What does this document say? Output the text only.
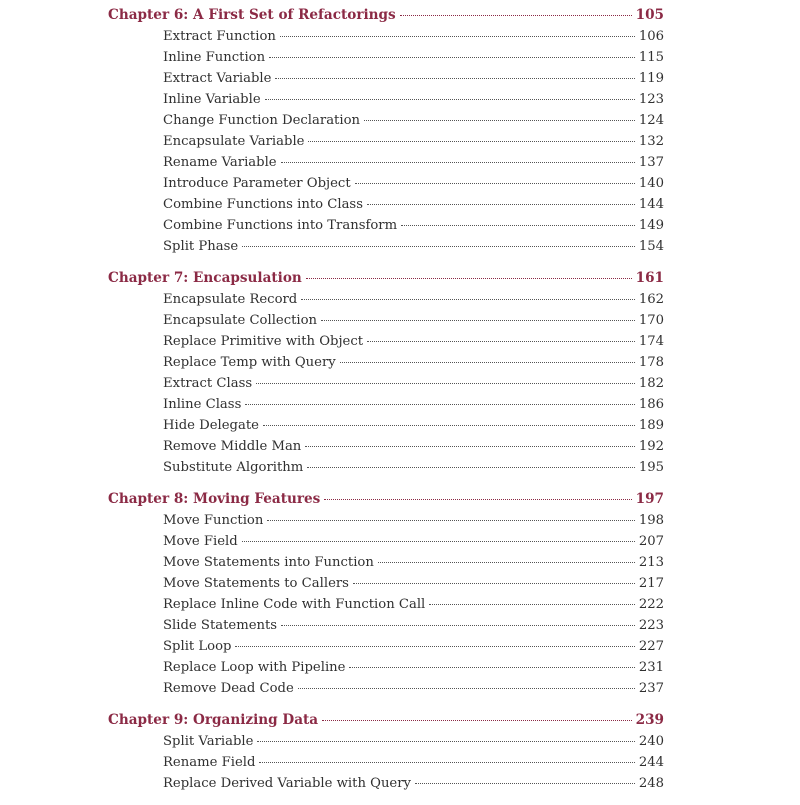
Chapter 6: A First Set of Refactorings	105
Extract Function	106
Inline Function	115
Extract Variable	119
Inline Variable	123
Change Function Declaration	124
Encapsulate Variable	132
Rename Variable	137
Introduce Parameter Object	140
Combine Functions into Class	144
Combine Functions into Transform	149
Split Phase	154
Chapter 7: Encapsulation	161
Encapsulate Record	162
Encapsulate Collection	170
Replace Primitive with Object	174
Replace Temp with Query	178
Extract Class	182
Inline Class	186
Hide Delegate	189
Remove Middle Man	192
Substitute Algorithm	195
Chapter 8: Moving Features	197
Move Function	198
Move Field	207
Move Statements into Function	213
Move Statements to Callers	217
Replace Inline Code with Function Call	222
Slide Statements	223
Split Loop	227
Replace Loop with Pipeline	231
Remove Dead Code	237
Chapter 9: Organizing Data	239
Split Variable	240
Rename Field	244
Replace Derived Variable with Query	248
